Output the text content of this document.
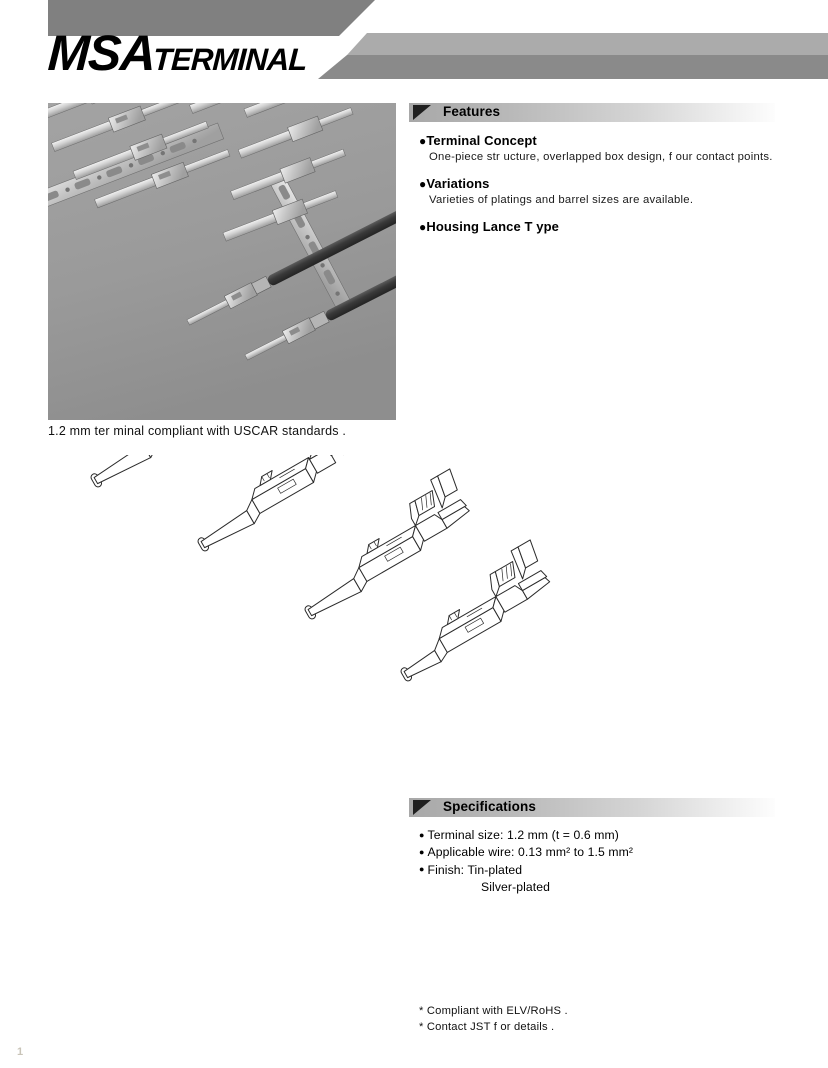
MSATERMINAL
1.2 mm ter minal compliant with USCAR standards .
Features
●Terminal Concept
One-piece str ucture, overlapped box design, f our contact points.
●Variations
Varieties of platings and barrel sizes are available.
●Housing Lance T ype
Specifications
● Terminal size: 1.2 mm (t = 0.6 mm)
● Applicable wire: 0.13 mm² to 1.5 mm²
● Finish: Tin-plated
Silver-plated
* Compliant with ELV/RoHS .
* Contact JST f or details .
1
